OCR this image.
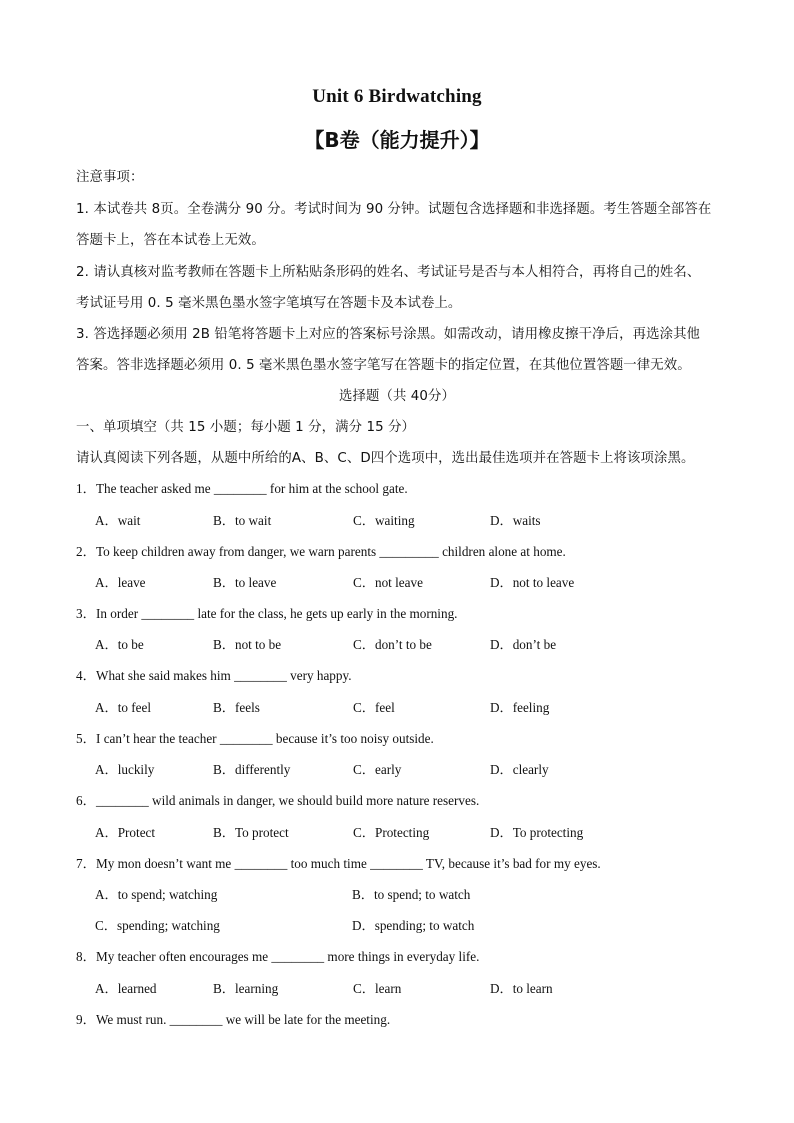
Unit 6 Birdwatching
【B卷（能力提升）】
注意事项：
1. 本试卷共 8页。全卷满分 90 分。考试时间为 90 分钟。试题包含选择题和非选择题。考生答题全部答在
答题卡上，答在本试卷上无效。
2. 请认真核对监考教师在答题卡上所粘贴条形码的姓名、考试证号是否与本人相符合，再将自己的姓名、
考试证号用 0. 5 毫米黑色墨水签字笔填写在答题卡及本试卷上。
3. 答选择题必须用 2B 铅笔将答题卡上对应的答案标号涂黑。如需改动，请用橡皮擦干净后，再选涂其他
答案。答非选择题必须用 0. 5 毫米黑色墨水签字笔写在答题卡的指定位置，在其他位置答题一律无效。
选择题（共 40分）
一、单项填空（共 15 小题；每小题 1 分，满分 15 分）
请认真阅读下列各题，从题中所给的A、B、C、D四个选项中，选出最佳选项并在答题卡上将该项涂黑。
1．The teacher asked me ________ for him at the school gate.
A．wait	B．to wait	C．waiting	D．waits
2．To keep children away from danger, we warn parents _________ children alone at home.
A．leave	B．to leave	C．not leave	D．not to leave
3．In order ________ late for the class, he gets up early in the morning.
A．to be	B．not to be	C．don’t to be	D．don’t be
4．What she said makes him ________ very happy.
A．to feel	B．feels	C．feel	D．feeling
5．I can’t hear the teacher ________ because it’s too noisy outside.
A．luckily	B．differently	C．early	D．clearly
6．________ wild animals in danger, we should build more nature reserves.
A．Protect	B．To protect	C．Protecting	D．To protecting
7．My mon doesn’t want me ________ too much time ________ TV, because it’s bad for my eyes.
A．to spend; watching	B．to spend; to watch
C．spending; watching	D．spending; to watch
8．My teacher often encourages me ________ more things in everyday life.
A．learned	B．learning	C．learn	D．to learn
9．We must run. ________ we will be late for the meeting.
